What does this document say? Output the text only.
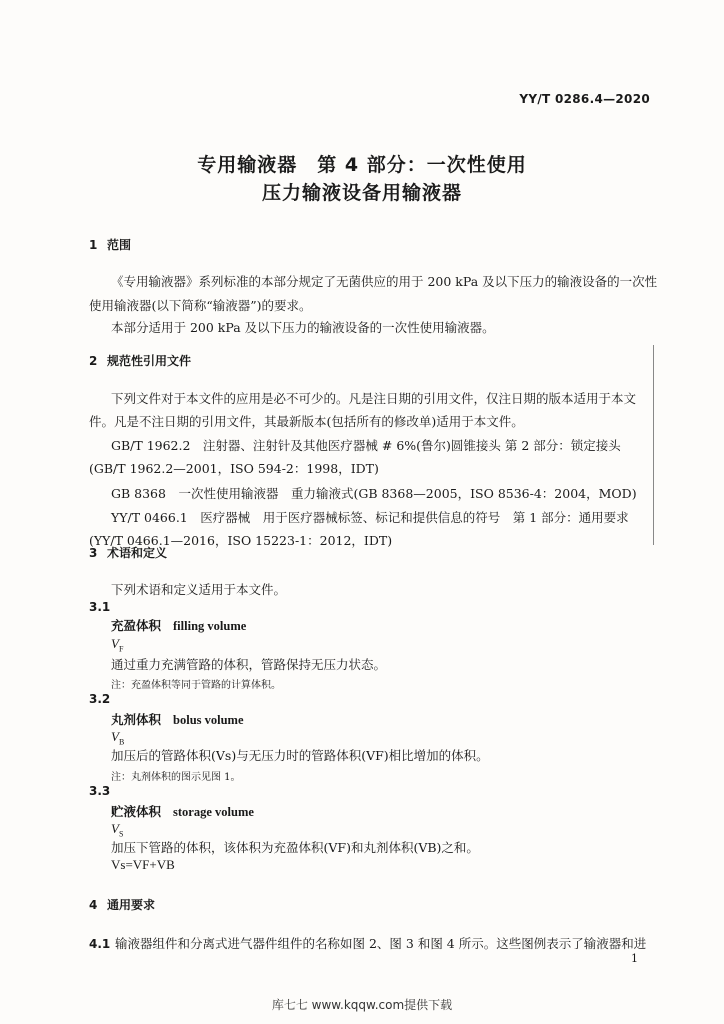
YY/T 0286.4—2020
专用输液器　第 4 部分：一次性使用
压力输液设备用输液器
1 范围
《专用输液器》系列标准的本部分规定了无菌供应的用于 200 kPa 及以下压力的输液设备的一次性
使用输液器(以下简称“输液器”)的要求。
本部分适用于 200 kPa 及以下压力的输液设备的一次性使用输液器。
2 规范性引用文件
下列文件对于本文件的应用是必不可少的。凡是注日期的引用文件，仅注日期的版本适用于本文
件。凡是不注日期的引用文件，其最新版本(包括所有的修改单)适用于本文件。
GB/T 1962.2　注射器、注射针及其他医疗器械 # 6%(鲁尔)圆锥接头 第 2 部分：锁定接头
(GB/T 1962.2—2001，ISO 594-2：1998，IDT)
GB 8368　一次性使用输液器　重力输液式(GB 8368—2005，ISO 8536-4：2004，MOD)
YY/T 0466.1　医疗器械　用于医疗器械标签、标记和提供信息的符号　第 1 部分：通用要求
(YY/T 0466.1—2016，ISO 15223-1：2012，IDT)
3 术语和定义
下列术语和定义适用于本文件。
3.1
充盈体积 filling volume
$V_F$
通过重力充满管路的体积，管路保持无压力状态。
注：充盈体积等同于管路的计算体积。
3.2
丸剂体积 bolus volume
$V_B$
加压后的管路体积(Vs)与无压力时的管路体积(VF)相比增加的体积。
注：丸剂体积的图示见图 1。
3.3
贮液体积 storage volume
$V_S$
加压下管路的体积，该体积为充盈体积(VF)和丸剂体积(VB)之和。
Vs=VF+VB
4 通用要求
4.1 输液器组件和分离式进气器件组件的名称如图 2、图 3 和图 4 所示。这些图例表示了输液器和进
1
库七七 www.kqqw.com提供下载
